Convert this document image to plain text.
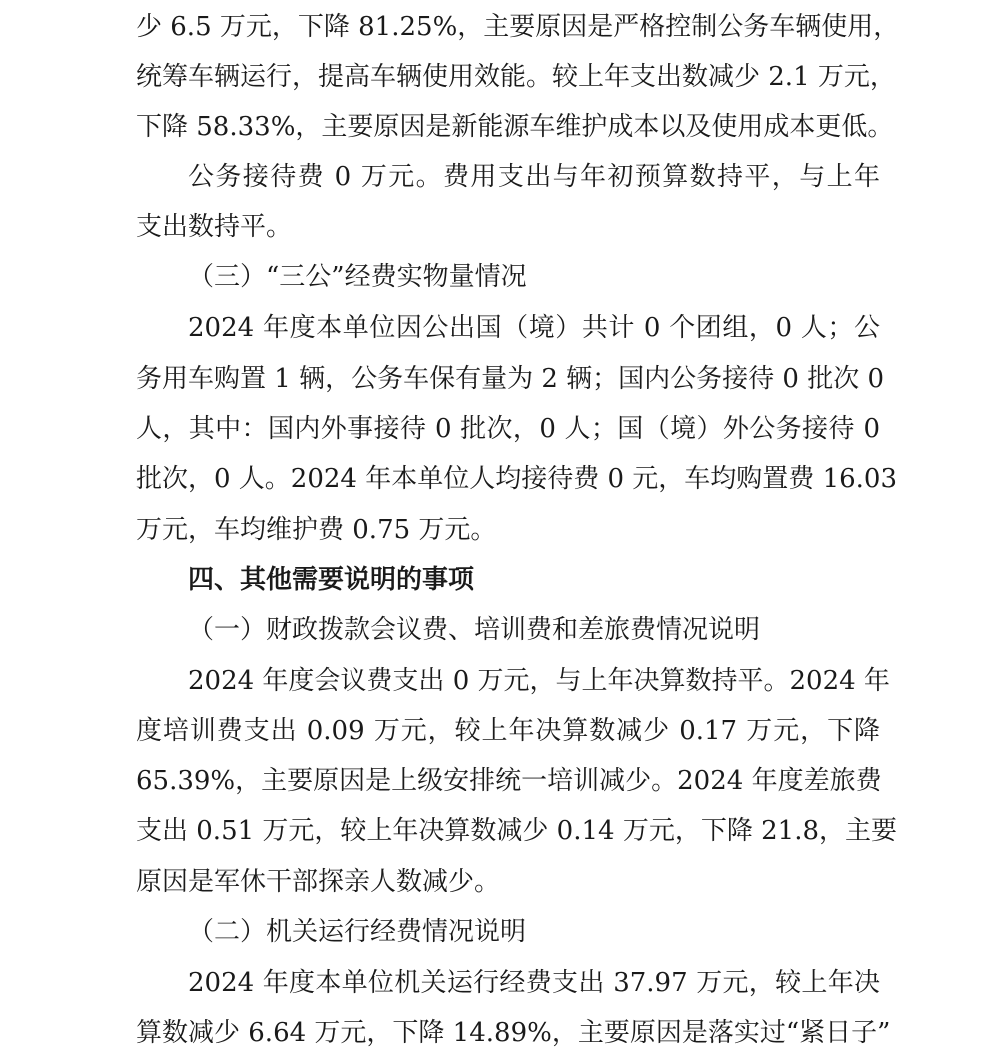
少 6.5 万元，下降 81.25%，主要原因是严格控制公务车辆使用，
统筹车辆运行，提高车辆使用效能。较上年支出数减少 2.1 万元，
下降 58.33%，主要原因是新能源车维护成本以及使用成本更低。
公务接待费 0 万元。费用支出与年初预算数持平，与上年
支出数持平。
（三）“三公”经费实物量情况
2024 年度本单位因公出国（境）共计 0 个团组，0 人；公
务用车购置 1 辆，公务车保有量为 2 辆；国内公务接待 0 批次 0
人，其中：国内外事接待 0 批次，0 人；国（境）外公务接待 0
批次，0 人。2024 年本单位人均接待费 0 元，车均购置费 16.03
万元，车均维护费 0.75 万元。
四、其他需要说明的事项
（一）财政拨款会议费、培训费和差旅费情况说明
2024 年度会议费支出 0 万元，与上年决算数持平。2024 年
度培训费支出 0.09 万元，较上年决算数减少 0.17 万元，下降
65.39%，主要原因是上级安排统一培训减少。2024 年度差旅费
支出 0.51 万元，较上年决算数减少 0.14 万元，下降 21.8，主要
原因是军休干部探亲人数减少。
（二）机关运行经费情况说明
2024 年度本单位机关运行经费支出 37.97 万元，较上年决
算数减少 6.64 万元，下降 14.89%，主要原因是落实过“紧日子”
